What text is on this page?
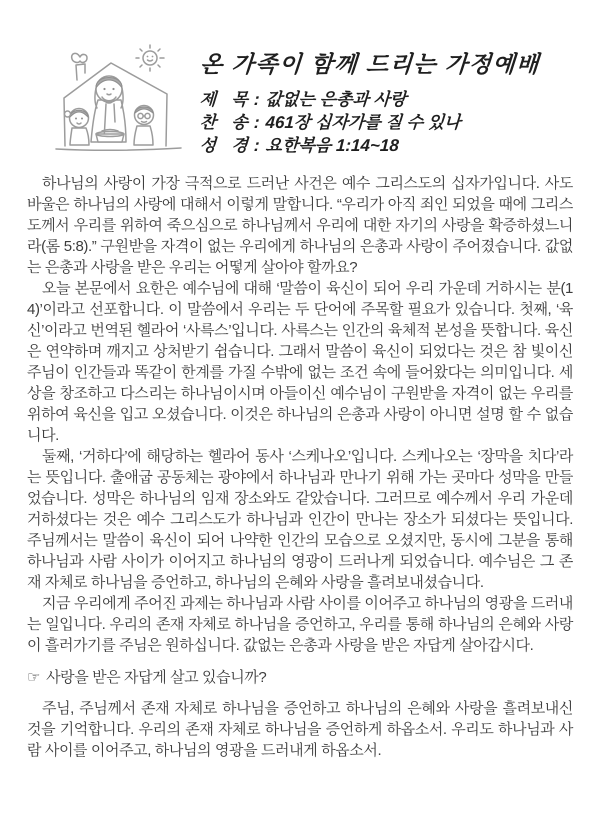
온 가족이 함께 드리는 가정예배
제  목 : 값없는 은총과 사랑
찬  송 : 461장 십자가를 질 수 있나
성  경 : 요한복음 1:14~18

하나님의 사랑이 가장 극적으로 드러난 사건은 예수 그리스도의 십자가입니다. 사도 바울은 하나님의 사랑에 대해서 이렇게 말합니다. “우리가 아직 죄인 되었을 때에 그리스도께서 우리를 위하여 죽으심으로 하나님께서 우리에 대한 자기의 사랑을 확증하셨느니라(롬 5:8).” 구원받을 자격이 없는 우리에게 하나님의 은총과 사랑이 주어졌습니다. 값없는 은총과 사랑을 받은 우리는 어떻게 살아야 할까요?

오늘 본문에서 요한은 예수님에 대해 ‘말씀이 육신이 되어 우리 가운데 거하시는 분(14)’이라고 선포합니다. 이 말씀에서 우리는 두 단어에 주목할 필요가 있습니다. 첫째, ‘육신’이라고 번역된 헬라어 ‘사륵스’입니다. 사륵스는 인간의 육체적 본성을 뜻합니다. 육신은 연약하며 깨지고 상처받기 쉽습니다. 그래서 말씀이 육신이 되었다는 것은 참 빛이신 주님이 인간들과 똑같이 한계를 가질 수밖에 없는 조건 속에 들어왔다는 의미입니다. 세상을 창조하고 다스리는 하나님이시며 아들이신 예수님이 구원받을 자격이 없는 우리를 위하여 육신을 입고 오셨습니다. 이것은 하나님의 은총과 사랑이 아니면 설명 할 수 없습니다.

둘째, ‘거하다’에 해당하는 헬라어 동사 ‘스케나오’입니다. 스케나오는 ‘장막을 치다’라는 뜻입니다. 출애굽 공동체는 광야에서 하나님과 만나기 위해 가는 곳마다 성막을 만들었습니다. 성막은 하나님의 임재 장소와도 같았습니다. 그러므로 예수께서 우리 가운데 거하셨다는 것은 예수 그리스도가 하나님과 인간이 만나는 장소가 되셨다는 뜻입니다. 주님께서는 말씀이 육신이 되어 나약한 인간의 모습으로 오셨지만, 동시에 그분을 통해 하나님과 사람 사이가 이어지고 하나님의 영광이 드러나게 되었습니다. 예수님은 그 존재 자체로 하나님을 증언하고, 하나님의 은혜와 사랑을 흘려보내셨습니다.

지금 우리에게 주어진 과제는 하나님과 사람 사이를 이어주고 하나님의 영광을 드러내는 일입니다. 우리의 존재 자체로 하나님을 증언하고, 우리를 통해 하나님의 은혜와 사랑이 흘러가기를 주님은 원하십니다. 값없는 은총과 사랑을 받은 자답게 살아갑시다.

☞ 사랑을 받은 자답게 살고 있습니까?

주님, 주님께서 존재 자체로 하나님을 증언하고 하나님의 은혜와 사랑을 흘려보내신 것을 기억합니다. 우리의 존재 자체로 하나님을 증언하게 하옵소서. 우리도 하나님과 사람 사이를 이어주고, 하나님의 영광을 드러내게 하옵소서.
